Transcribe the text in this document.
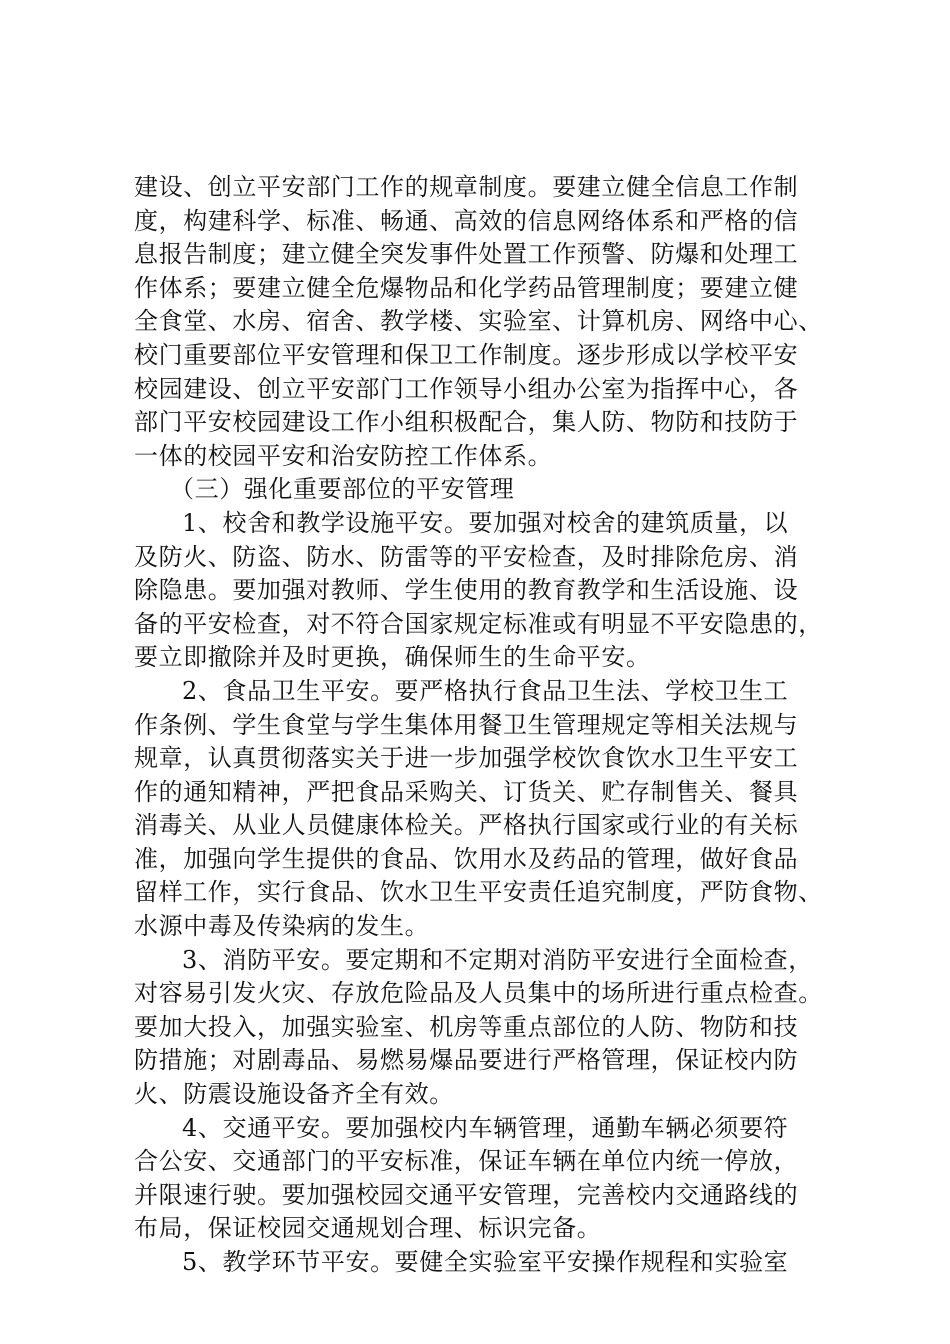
建设、创立平安部门工作的规章制度。要建立健全信息工作制
度，构建科学、标准、畅通、高效的信息网络体系和严格的信
息报告制度；建立健全突发事件处置工作预警、防爆和处理工
作体系；要建立健全危爆物品和化学药品管理制度；要建立健
全食堂、水房、宿舍、教学楼、实验室、计算机房、网络中心、
校门重要部位平安管理和保卫工作制度。逐步形成以学校平安
校园建设、创立平安部门工作领导小组办公室为指挥中心，各
部门平安校园建设工作小组积极配合，集人防、物防和技防于
一体的校园平安和治安防控工作体系。
（三）强化重要部位的平安管理
1、校舍和教学设施平安。要加强对校舍的建筑质量，以
及防火、防盗、防水、防雷等的平安检查，及时排除危房、消
除隐患。要加强对教师、学生使用的教育教学和生活设施、设
备的平安检查，对不符合国家规定标准或有明显不平安隐患的，
要立即撤除并及时更换，确保师生的生命平安。
2、食品卫生平安。要严格执行食品卫生法、学校卫生工
作条例、学生食堂与学生集体用餐卫生管理规定等相关法规与
规章，认真贯彻落实关于进一步加强学校饮食饮水卫生平安工
作的通知精神，严把食品采购关、订货关、贮存制售关、餐具
消毒关、从业人员健康体检关。严格执行国家或行业的有关标
准，加强向学生提供的食品、饮用水及药品的管理，做好食品
留样工作，实行食品、饮水卫生平安责任追究制度，严防食物、
水源中毒及传染病的发生。
3、消防平安。要定期和不定期对消防平安进行全面检查，
对容易引发火灾、存放危险品及人员集中的场所进行重点检查。
要加大投入，加强实验室、机房等重点部位的人防、物防和技
防措施；对剧毒品、易燃易爆品要进行严格管理，保证校内防
火、防震设施设备齐全有效。
4、交通平安。要加强校内车辆管理，通勤车辆必须要符
合公安、交通部门的平安标准，保证车辆在单位内统一停放，
并限速行驶。要加强校园交通平安管理，完善校内交通路线的
布局，保证校园交通规划合理、标识完备。
5、教学环节平安。要健全实验室平安操作规程和实验室
